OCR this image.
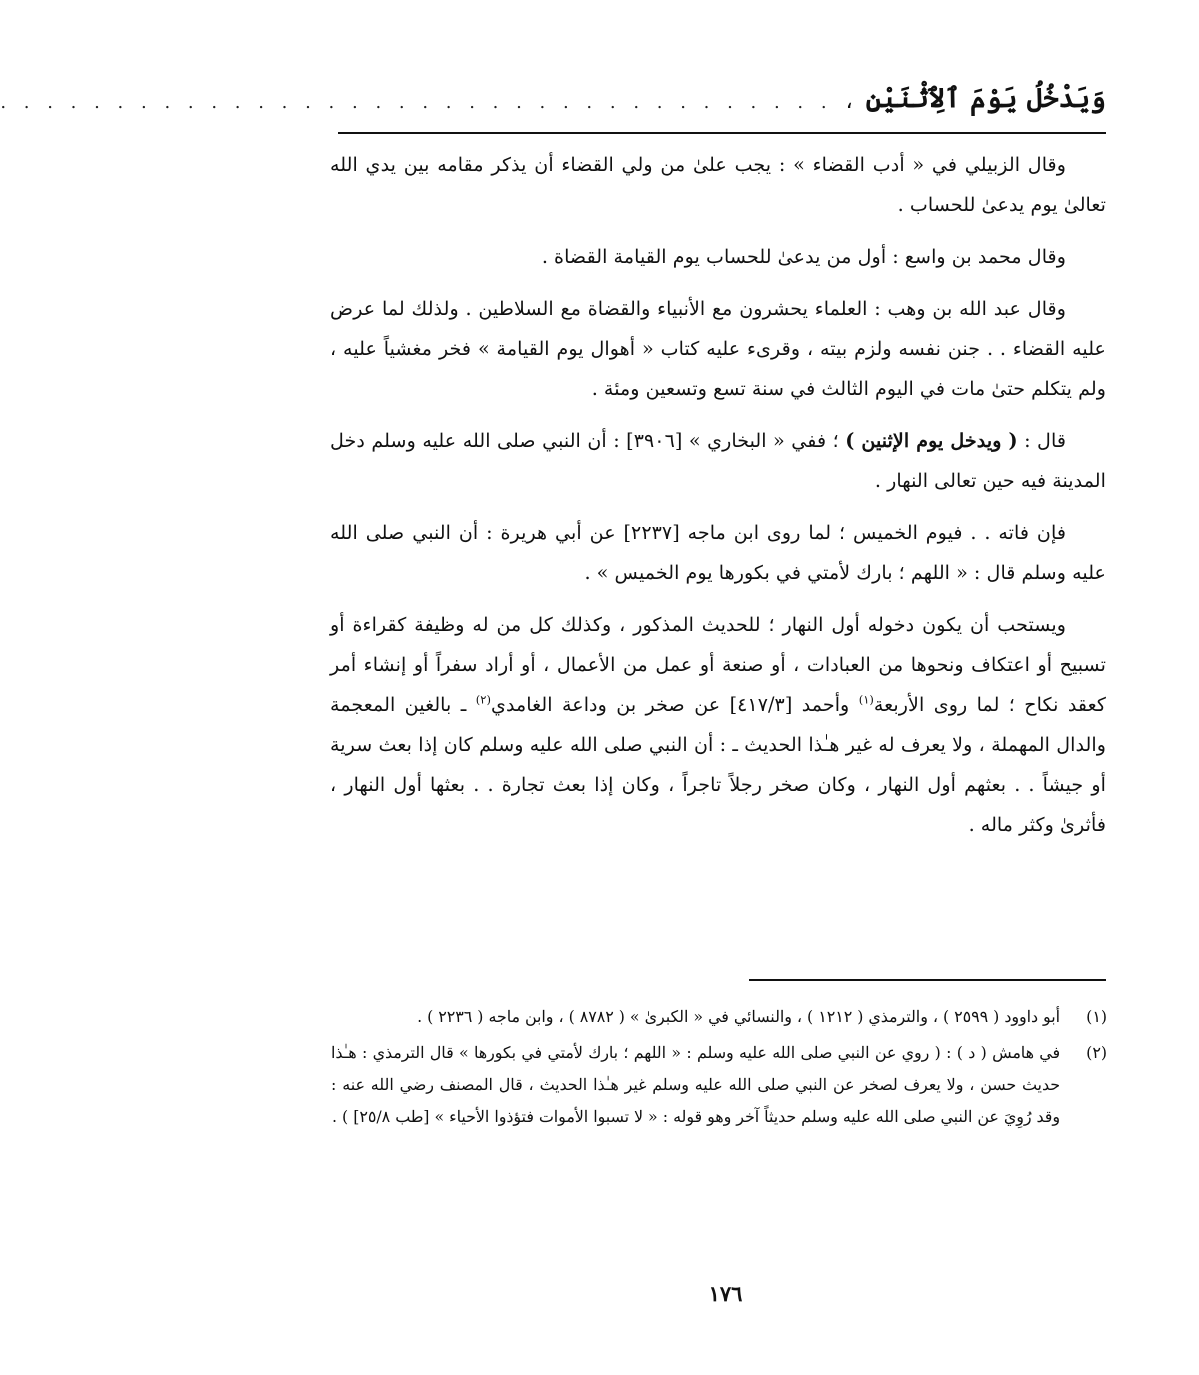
وَيَدْخُلُ يَوْمَ ٱلِٱثْنَيْنِ
،
. . . . . . . . . . . . . . . . . . . . . . . . . . . . . . . . . . . .

وقال الزبيلي في « أدب القضاء » : يجب علىٰ من ولي القضاء أن يذكر مقامه بين يدي الله تعالىٰ يوم يدعىٰ للحساب .

وقال محمد بن واسع : أول من يدعىٰ للحساب يوم القيامة القضاة .

وقال عبد الله بن وهب : العلماء يحشرون مع الأنبياء والقضاة مع السلاطين . ولذلك لما عرض عليه القضاء . . جنن نفسه ولزم بيته ، وقرىء عليه كتاب « أهوال يوم القيامة » فخر مغشياً عليه ، ولم يتكلم حتىٰ مات في اليوم الثالث في سنة تسع وتسعين ومئة .

قال : ( ويدخل يوم الإثنين ) ؛ ففي « البخاري » [٣٩٠٦] : أن النبي صلى الله عليه وسلم دخل المدينة فيه حين تعالى النهار .

فإن فاته . . فيوم الخميس ؛ لما روى ابن ماجه [٢٢٣٧] عن أبي هريرة : أن النبي صلى الله عليه وسلم قال : « اللهم ؛ بارك لأمتي في بكورها يوم الخميس » .

ويستحب أن يكون دخوله أول النهار ؛ للحديث المذكور ، وكذلك كل من له وظيفة كقراءة أو تسبيح أو اعتكاف ونحوها من العبادات ، أو صنعة أو عمل من الأعمال ، أو أراد سفراً أو إنشاء أمر كعقد نكاح ؛ لما روى الأربعة$^{(١)}$ وأحمد [٤١٧/٣] عن صخر بن وداعة الغامدي$^{(٢)}$ ـ بالغين المعجمة والدال المهملة ، ولا يعرف له غير هـٰذا الحديث ـ : أن النبي صلى الله عليه وسلم كان إذا بعث سرية أو جيشاً . . بعثهم أول النهار ، وكان صخر رجلاً تاجراً ، وكان إذا بعث تجارة . . بعثها أول النهار ، فأثرىٰ وكثر ماله .

(١)
أبو داوود ( ٢٥٩٩ ) ، والترمذي ( ١٢١٢ ) ، والنسائي في « الكبرىٰ » ( ٨٧٨٢ ) ، وابن ماجه ( ٢٢٣٦ ) .
(٢)
في هامش ( د ) : ( روي عن النبي صلى الله عليه وسلم : « اللهم ؛ بارك لأمتي في بكورها » قال الترمذي : هـٰذا حديث حسن ، ولا يعرف لصخر عن النبي صلى الله عليه وسلم غير هـٰذا الحديث ، قال المصنف رضي الله عنه : وقد رُوِيَ عن النبي صلى الله عليه وسلم حديثاً آخر وهو قوله : « لا تسبوا الأموات فتؤذوا الأحياء » [طب ٢٥/٨] ) .
١٧٦
